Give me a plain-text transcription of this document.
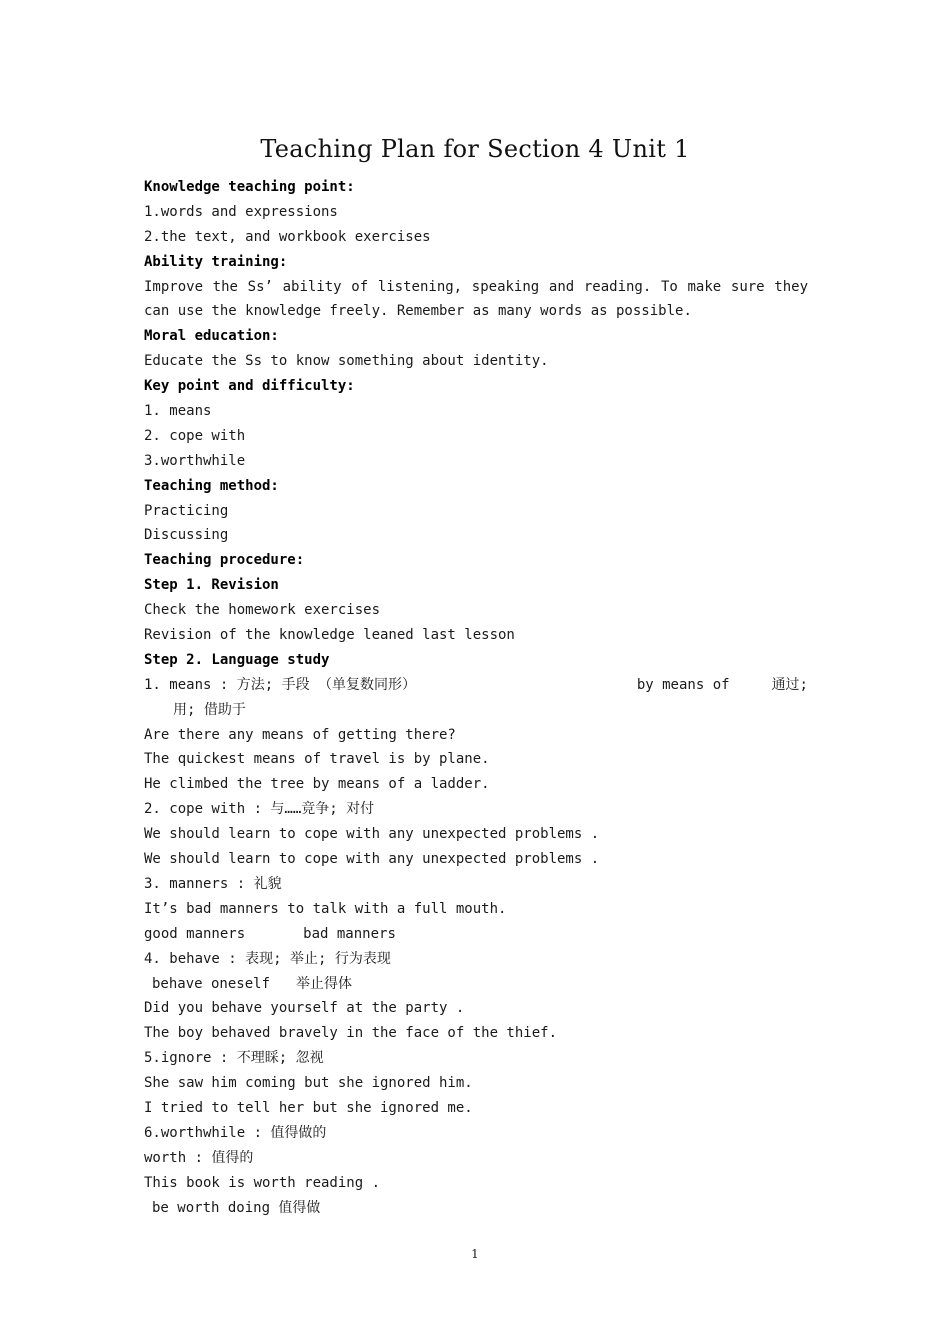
Teaching Plan for Section 4 Unit 1
Knowledge teaching point:
1.words and expressions
2.the text, and workbook exercises
Ability training:
Improve the Ss’ ability of listening, speaking and reading. To make sure they
can use the knowledge freely. Remember as many words as possible.
Moral education:
Educate the Ss to know something about identity.
Key point and difficulty:
1. means
2. cope with
3.worthwhile
Teaching method:
Practicing
Discussing
Teaching procedure:
Step 1. Revision
Check the homework exercises
Revision of the knowledge leaned last lesson
Step 2. Language study
1. means : 方法; 手段 （单复数同形）	by means of	通过;
用; 借助于
Are there any means of getting there?
The quickest means of travel is by plane.
He climbed the tree by means of a ladder.
2. cope with : 与……竞争; 对付
We should learn to cope with any unexpected problems .
We should learn to cope with any unexpected problems .
3. manners : 礼貌
It’s bad manners to talk with a full mouth.
good manners	bad manners
4. behave : 表现; 举止; 行为表现
behave oneself 举止得体
Did you behave yourself at the party .
The boy behaved bravely in the face of the thief.
5.ignore : 不理睬; 忽视
She saw him coming but she ignored him.
I tried to tell her but she ignored me.
6.worthwhile : 值得做的
worth : 值得的
This book is worth reading .
be worth doing 值得做
1
